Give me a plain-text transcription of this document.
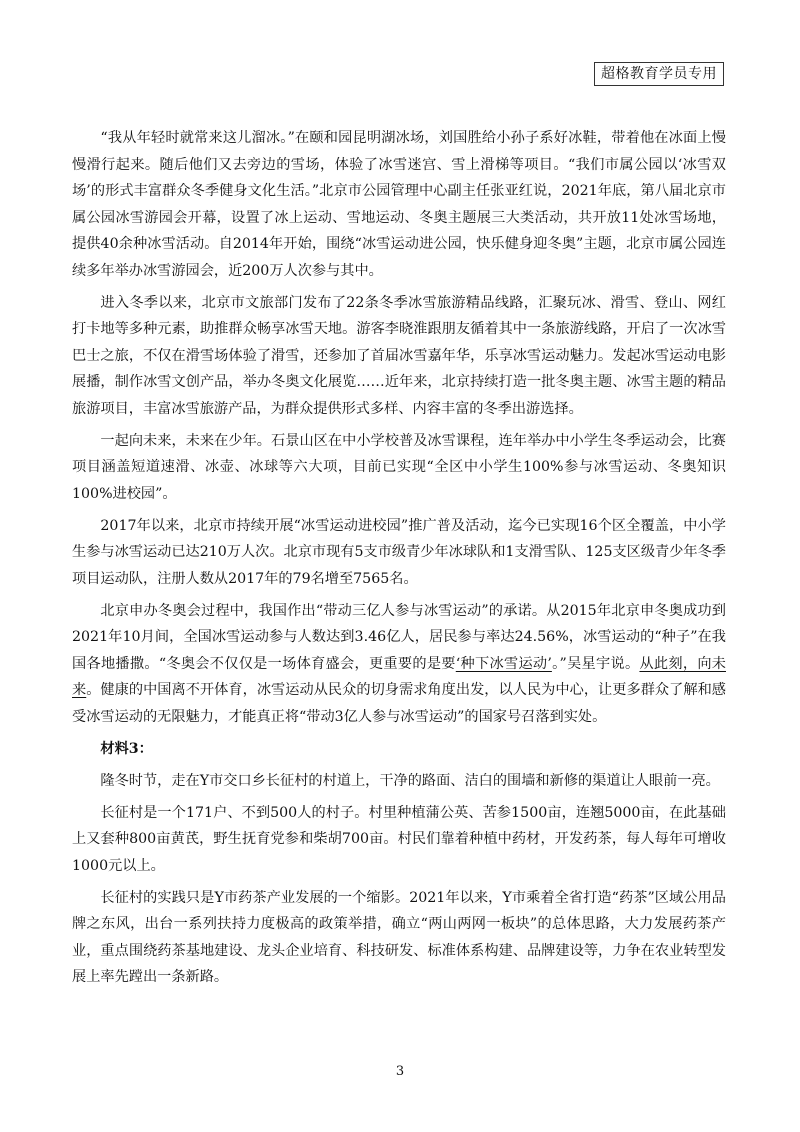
超格教育学员专用

“我从年轻时就常来这儿溜冰。”在颐和园昆明湖冰场，刘国胜给小孙子系好冰鞋，带着他在冰面上慢慢滑行起来。随后他们又去旁边的雪场，体验了冰雪迷宫、雪上滑梯等项目。“我们市属公园以‘冰雪双场’的形式丰富群众冬季健身文化生活。”北京市公园管理中心副主任张亚红说，2021年底，第八届北京市属公园冰雪游园会开幕，设置了冰上运动、雪地运动、冬奥主题展三大类活动，共开放11处冰雪场地，提供40余种冰雪活动。自2014年开始，围绕“冰雪运动进公园，快乐健身迎冬奥”主题，北京市属公园连续多年举办冰雪游园会，近200万人次参与其中。

进入冬季以来，北京市文旅部门发布了22条冬季冰雪旅游精品线路，汇聚玩冰、滑雪、登山、网红打卡地等多种元素，助推群众畅享冰雪天地。游客李晓淮跟朋友循着其中一条旅游线路，开启了一次冰雪巴士之旅，不仅在滑雪场体验了滑雪，还参加了首届冰雪嘉年华，乐享冰雪运动魅力。发起冰雪运动电影展播，制作冰雪文创产品，举办冬奥文化展览……近年来，北京持续打造一批冬奥主题、冰雪主题的精品旅游项目，丰富冰雪旅游产品，为群众提供形式多样、内容丰富的冬季出游选择。

一起向未来，未来在少年。石景山区在中小学校普及冰雪课程，连年举办中小学生冬季运动会，比赛项目涵盖短道速滑、冰壶、冰球等六大项，目前已实现“全区中小学生100%参与冰雪运动、冬奥知识100%进校园”。

2017年以来，北京市持续开展“冰雪运动进校园”推广普及活动，迄今已实现16个区全覆盖，中小学生参与冰雪运动已达210万人次。北京市现有5支市级青少年冰球队和1支滑雪队、125支区级青少年冬季项目运动队，注册人数从2017年的79名增至7565名。

北京申办冬奥会过程中，我国作出“带动三亿人参与冰雪运动”的承诺。从2015年北京申冬奥成功到2021年10月间，全国冰雪运动参与人数达到3.46亿人，居民参与率达24.56%，冰雪运动的“种子”在我国各地播撒。“冬奥会不仅仅是一场体育盛会，更重要的是要‘种下冰雪运动’。”吴星宇说。从此刻，向未来。健康的中国离不开体育，冰雪运动从民众的切身需求角度出发，以人民为中心，让更多群众了解和感受冰雪运动的无限魅力，才能真正将“带动3亿人参与冰雪运动”的国家号召落到实处。

材料3：

隆冬时节，走在Y市交口乡长征村的村道上，干净的路面、洁白的围墙和新修的渠道让人眼前一亮。

长征村是一个171户、不到500人的村子。村里种植蒲公英、苦参1500亩，连翘5000亩，在此基础上又套种800亩黄芪，野生抚育党参和柴胡700亩。村民们靠着种植中药材，开发药茶，每人每年可增收1000元以上。

长征村的实践只是Y市药茶产业发展的一个缩影。2021年以来，Y市乘着全省打造“药茶”区域公用品牌之东风，出台一系列扶持力度极高的政策举措，确立“两山两网一板块”的总体思路，大力发展药茶产业，重点围绕药茶基地建设、龙头企业培育、科技研发、标准体系构建、品牌建设等，力争在农业转型发展上率先蹚出一条新路。

3
